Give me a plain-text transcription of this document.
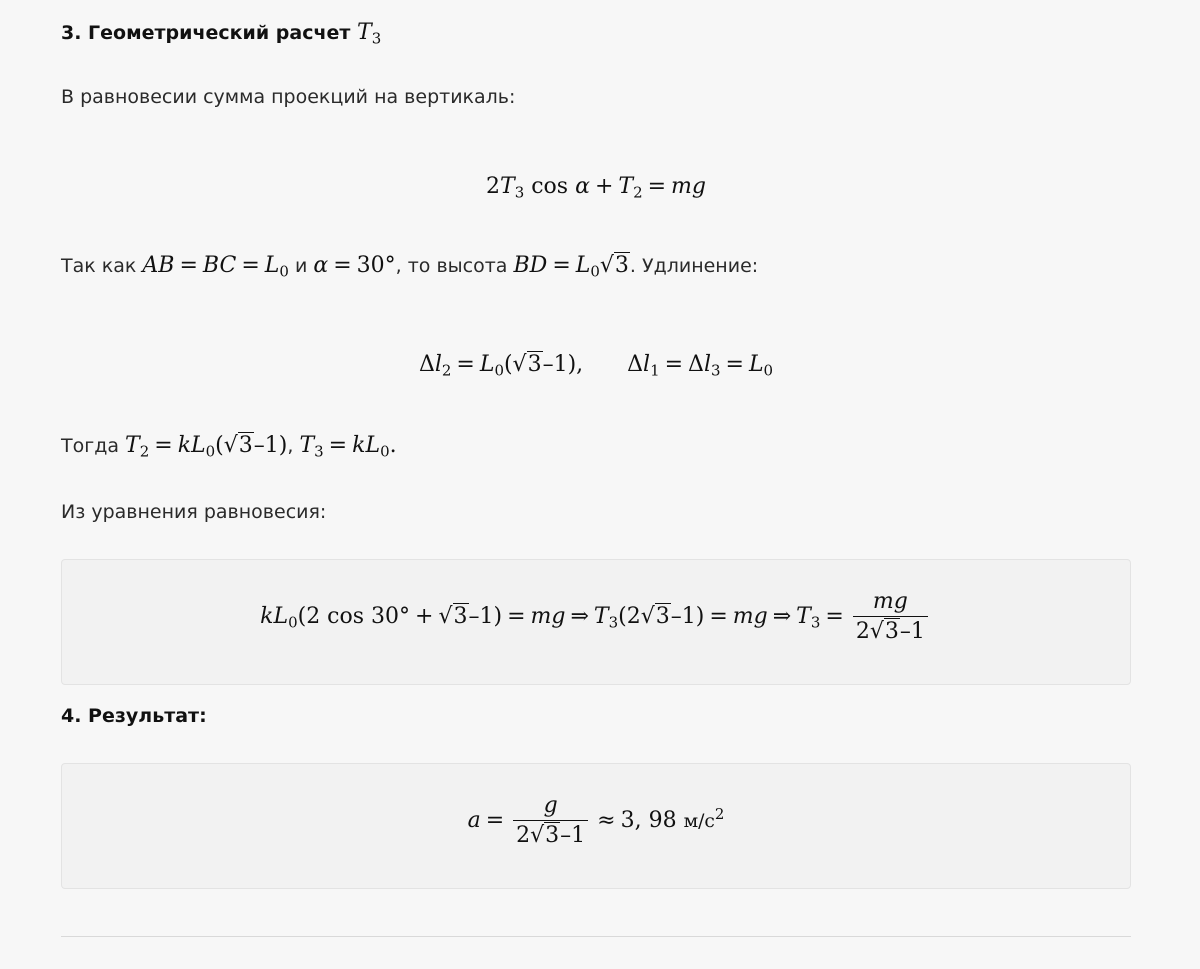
3. Геометрический расчет $T_3$
В равновесии сумма проекций на вертикаль:
$2T_3$ $\cos \alpha + T_2$ = mg
Так как AB = BC = $L_0$ и α = 30°, то высота BD = $L_0√3$. Удлинение:
$\Delta l_2 = L_0(√3-1)$, $\Delta l_1 = \Delta l_3 = L_0$
Тогда $T_2 = kL_0(√3-1)$, $T_3 = kL_0$.
Из уравнения равновесия:
$kL_0(2$ cos 30° + √3–1) = mg ⇒ $T_3(2√3-1)$ = mg ⇒ $T_3 = \frac{mg}{2√3-1}$
4. Результат:
$a = \frac{g}{2√3-1} \approx 3$, 98 $м/с^2$
